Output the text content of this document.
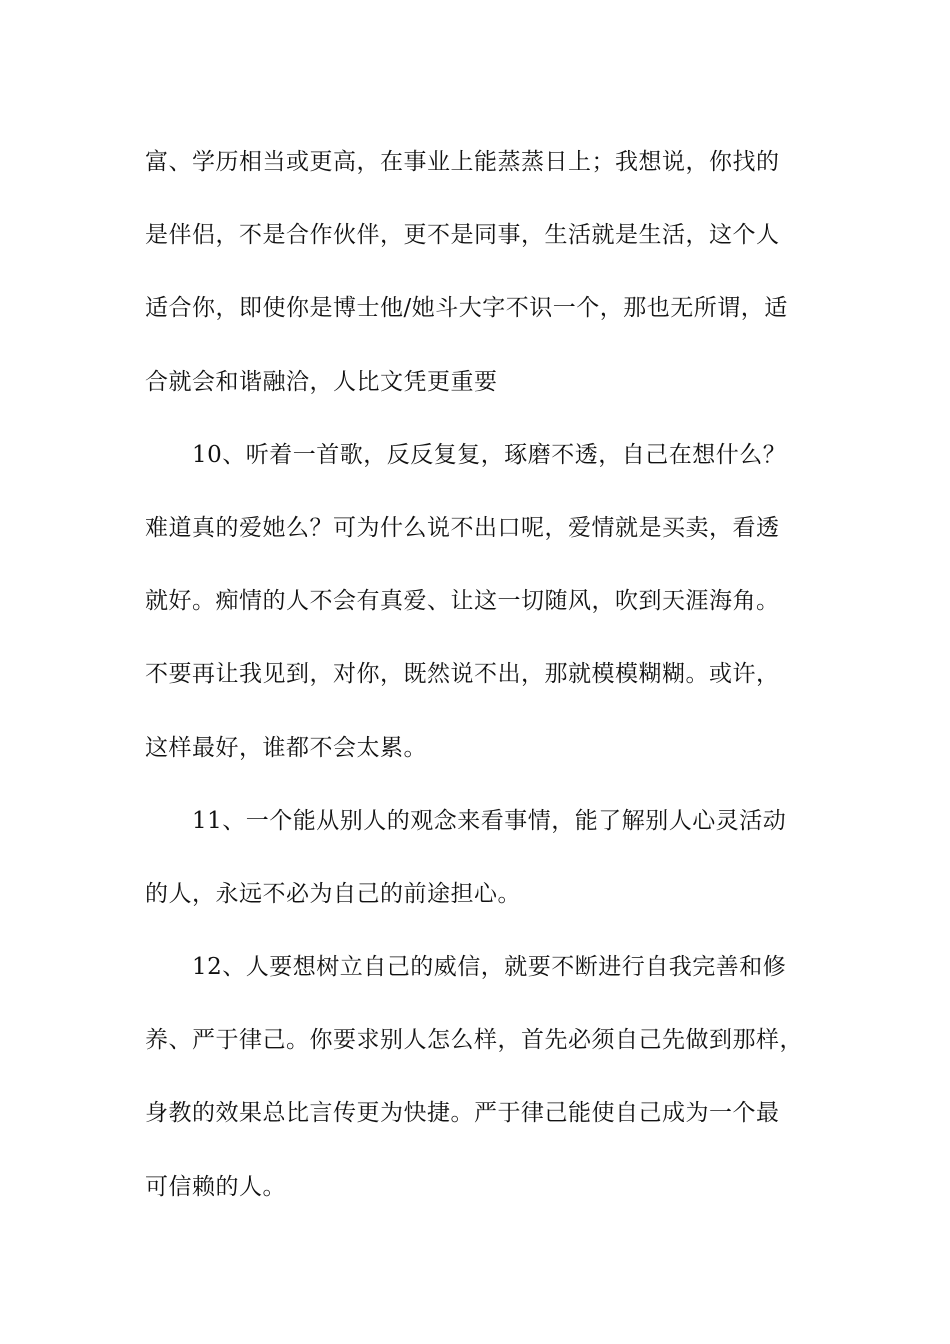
富、学历相当或更高，在事业上能蒸蒸日上；我想说，你找的
是伴侣，不是合作伙伴，更不是同事，生活就是生活，这个人
适合你，即使你是博士他/她斗大字不识一个，那也无所谓，适
合就会和谐融洽，人比文凭更重要
10、听着一首歌，反反复复，琢磨不透，自己在想什么？
难道真的爱她么？可为什么说不出口呢，爱情就是买卖，看透
就好。痴情的人不会有真爱、让这一切随风，吹到天涯海角。
不要再让我见到，对你，既然说不出，那就模模糊糊。或许，
这样最好，谁都不会太累。
11、一个能从别人的观念来看事情，能了解别人心灵活动
的人，永远不必为自己的前途担心。
12、人要想树立自己的威信，就要不断进行自我完善和修
养、严于律己。你要求别人怎么样，首先必须自己先做到那样，
身教的效果总比言传更为快捷。严于律己能使自己成为一个最
可信赖的人。
